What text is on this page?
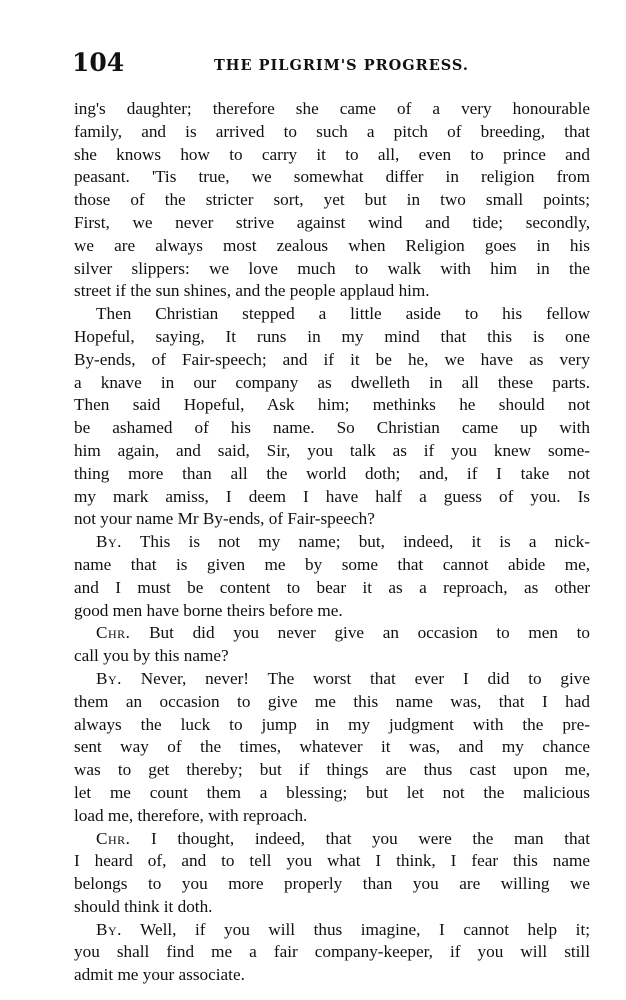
104	THE PILGRIM'S PROGRESS.
ing's daughter; therefore she came of a very honourable
family, and is arrived to such a pitch of breeding, that
she knows how to carry it to all, even to prince and
peasant. 'Tis true, we somewhat differ in religion from
those of the stricter sort, yet but in two small points;
First, we never strive against wind and tide; secondly,
we are always most zealous when Religion goes in his
silver slippers: we love much to walk with him in the
street if the sun shines, and the people applaud him.
Then Christian stepped a little aside to his fellow
Hopeful, saying, It runs in my mind that this is one
By-ends, of Fair-speech; and if it be he, we have as very
a knave in our company as dwelleth in all these parts.
Then said Hopeful, Ask him; methinks he should not
be ashamed of his name. So Christian came up with
him again, and said, Sir, you talk as if you knew some-
thing more than all the world doth; and, if I take not
my mark amiss, I deem I have half a guess of you. Is
not your name Mr By-ends, of Fair-speech?
By. This is not my name; but, indeed, it is a nick-
name that is given me by some that cannot abide me,
and I must be content to bear it as a reproach, as other
good men have borne theirs before me.
Chr. But did you never give an occasion to men to
call you by this name?
By. Never, never! The worst that ever I did to give
them an occasion to give me this name was, that I had
always the luck to jump in my judgment with the pre-
sent way of the times, whatever it was, and my chance
was to get thereby; but if things are thus cast upon me,
let me count them a blessing; but let not the malicious
load me, therefore, with reproach.
Chr. I thought, indeed, that you were the man that
I heard of, and to tell you what I think, I fear this name
belongs to you more properly than you are willing we
should think it doth.
By. Well, if you will thus imagine, I cannot help it;
you shall find me a fair company-keeper, if you will still
admit me your associate.
